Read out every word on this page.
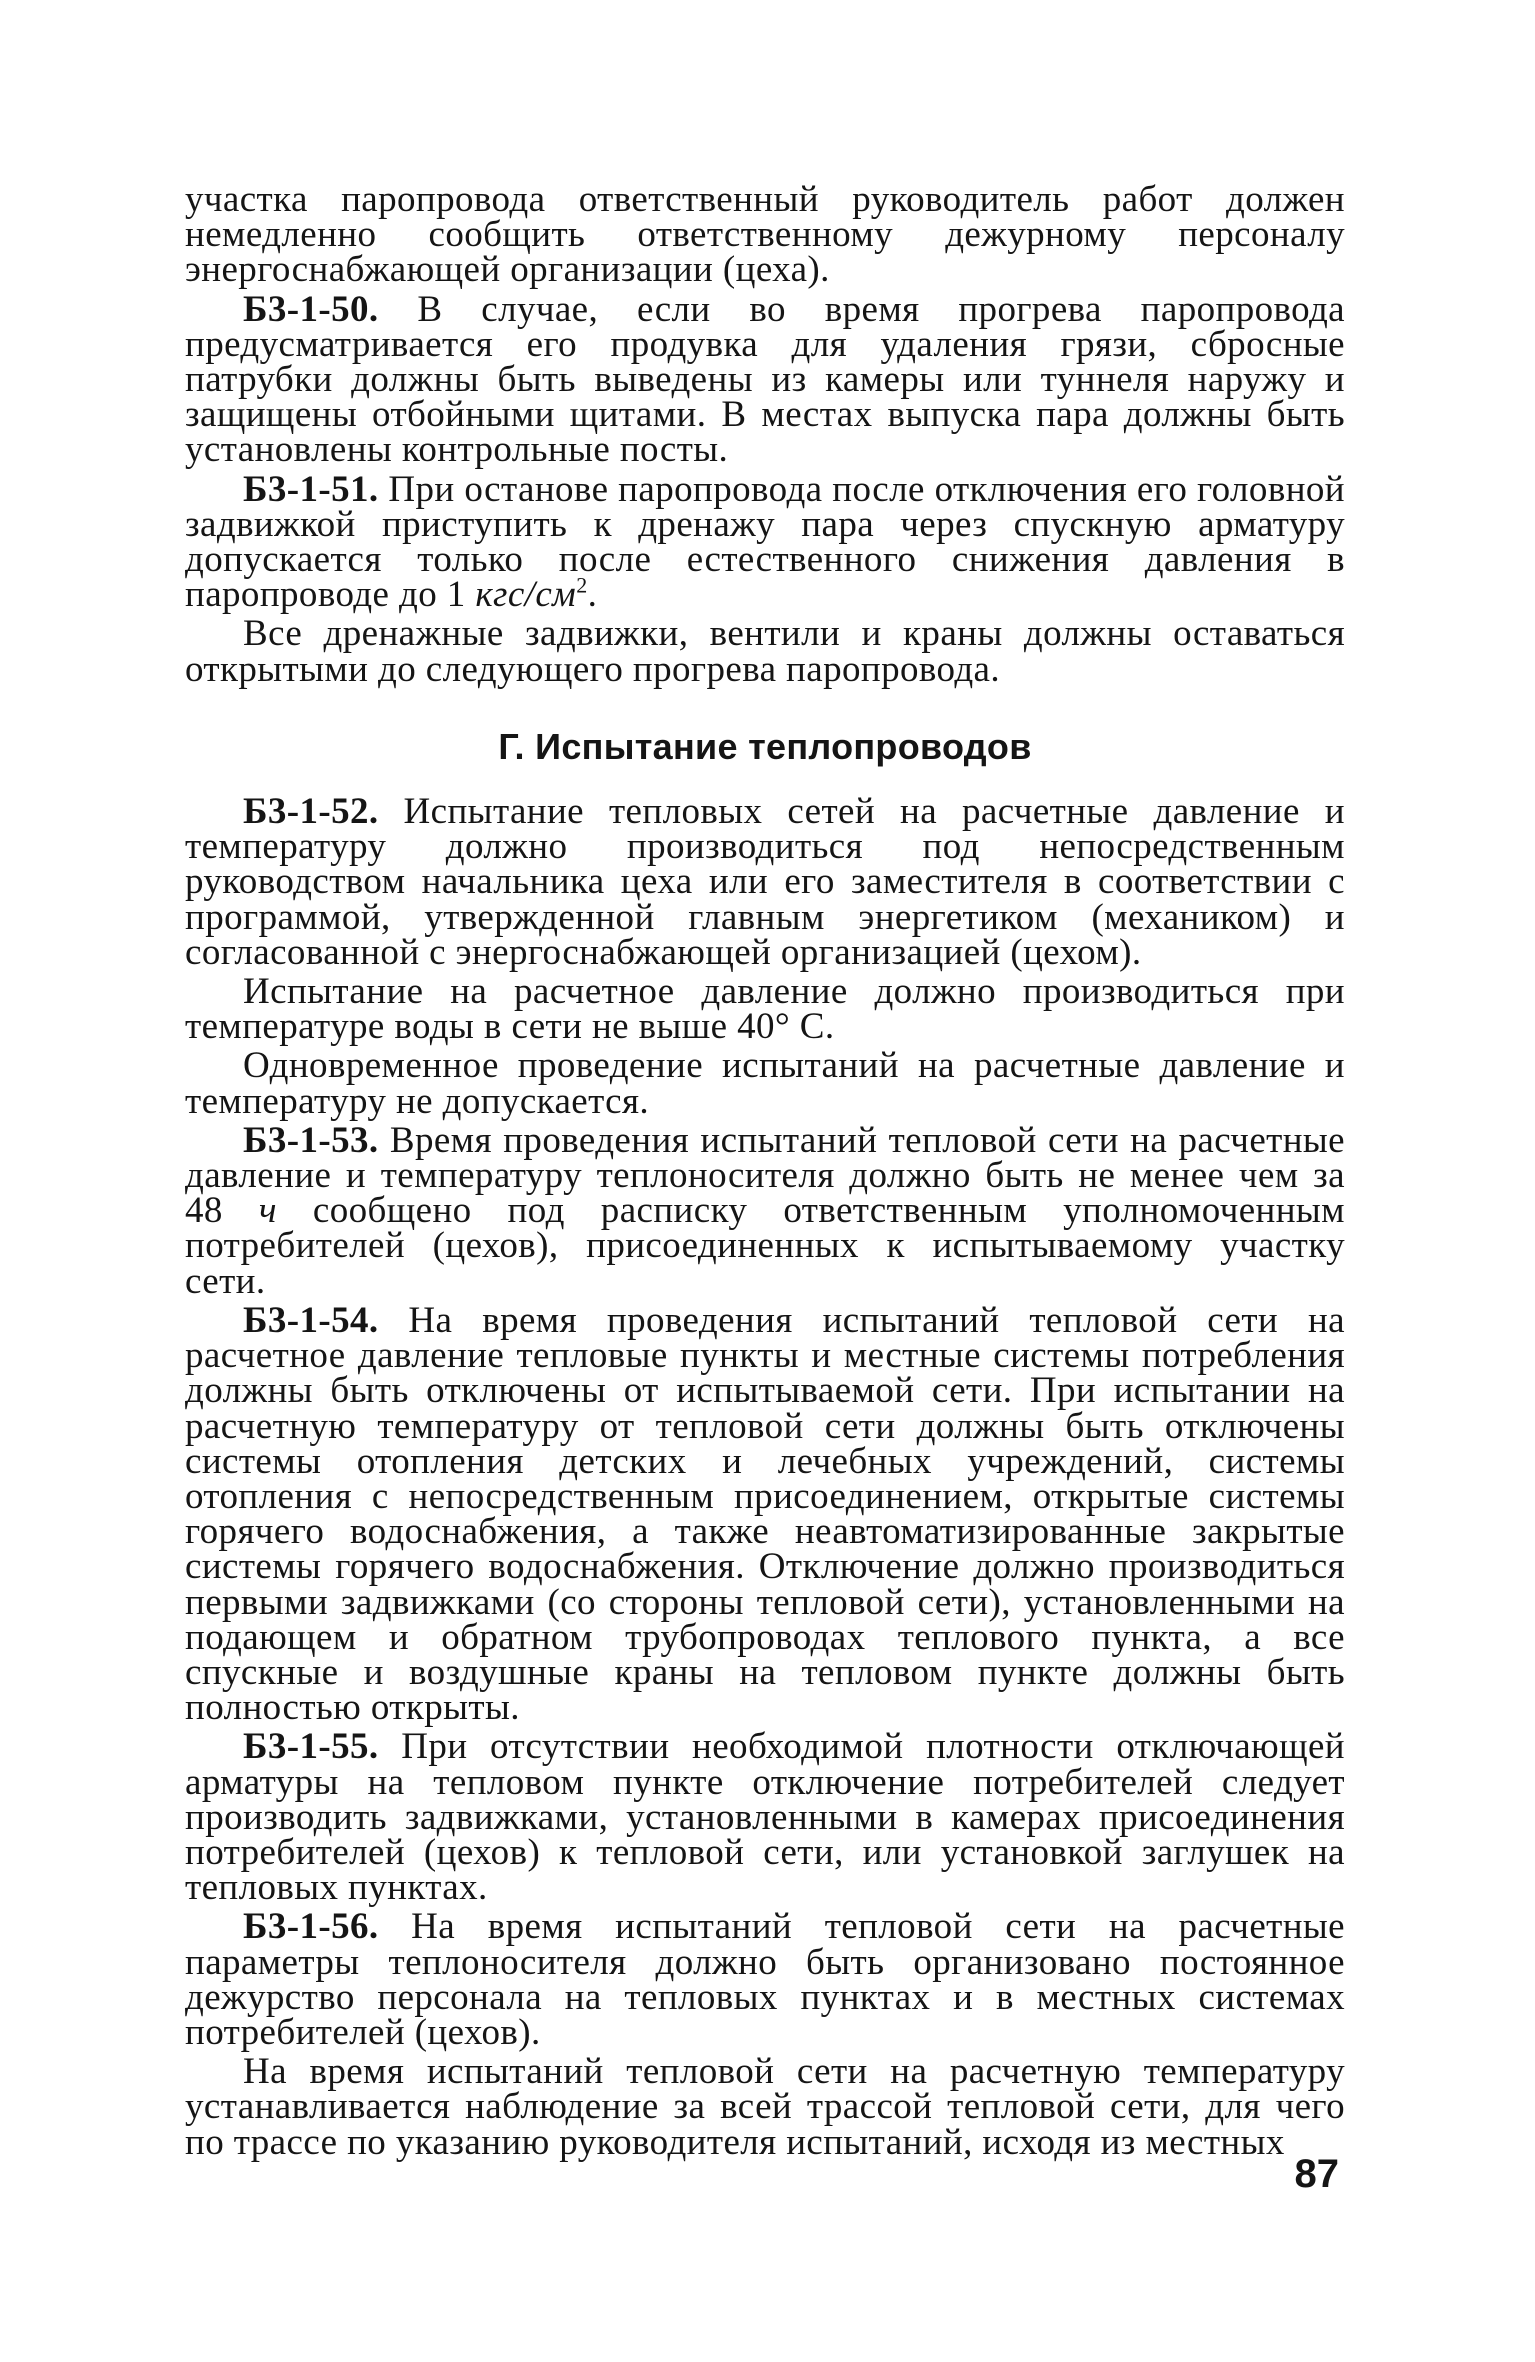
участка паропровода ответственный руководитель работ должен немедленно сообщить ответственному дежурному персоналу энергоснабжающей организации (цеха).

Б3-1-50. В случае, если во время прогрева паропровода предусматривается его продувка для удаления грязи, сбросные патрубки должны быть выведены из камеры или туннеля наружу и защищены отбойными щитами. В местах выпуска пара должны быть установлены контрольные посты.

Б3-1-51. При останове паропровода после отключения его головной задвижкой приступить к дренажу пара через спускную арматуру допускается только после естественного снижения давления в паропроводе до 1 кгс/$см^2$.

Все дренажные задвижки, вентили и краны должны оставаться открытыми до следующего прогрева паропровода.

Г. Испытание теплопроводов

Б3-1-52. Испытание тепловых сетей на расчетные давление и температуру должно производиться под непосредственным руководством начальника цеха или его заместителя в соответствии с программой, утвержденной главным энергетиком (механиком) и согласованной с энергоснабжающей организацией (цехом).

Испытание на расчетное давление должно производиться при температуре воды в сети не выше 40° С.

Одновременное проведение испытаний на расчетные давление и температуру не допускается.

Б3-1-53. Время проведения испытаний тепловой сети на расчетные давление и температуру теплоносителя должно быть не менее чем за 48 ч сообщено под расписку ответственным уполномоченным потребителей (цехов), присоединенных к испытываемому участку сети.

Б3-1-54. На время проведения испытаний тепловой сети на расчетное давление тепловые пункты и местные системы потребления должны быть отключены от испытываемой сети. При испытании на расчетную температуру от тепловой сети должны быть отключены системы отопления детских и лечебных учреждений, системы отопления с непосредственным присоединением, открытые системы горячего водоснабжения, а также неавтоматизированные закрытые системы горячего водоснабжения. Отключение должно производиться первыми задвижками (со стороны тепловой сети), установленными на подающем и обратном трубопроводах теплового пункта, а все спускные и воздушные краны на тепловом пункте должны быть полностью открыты.

Б3-1-55. При отсутствии необходимой плотности отключающей арматуры на тепловом пункте отключение потребителей следует производить задвижками, установленными в камерах присоединения потребителей (цехов) к тепловой сети, или установкой заглушек на тепловых пунктах.

Б3-1-56. На время испытаний тепловой сети на расчетные параметры теплоносителя должно быть организовано постоянное дежурство персонала на тепловых пунктах и в местных системах потребителей (цехов).

На время испытаний тепловой сети на расчетную температуру устанавливается наблюдение за всей трассой тепловой сети, для чего по трассе по указанию руководителя испытаний, исходя из местных

87
